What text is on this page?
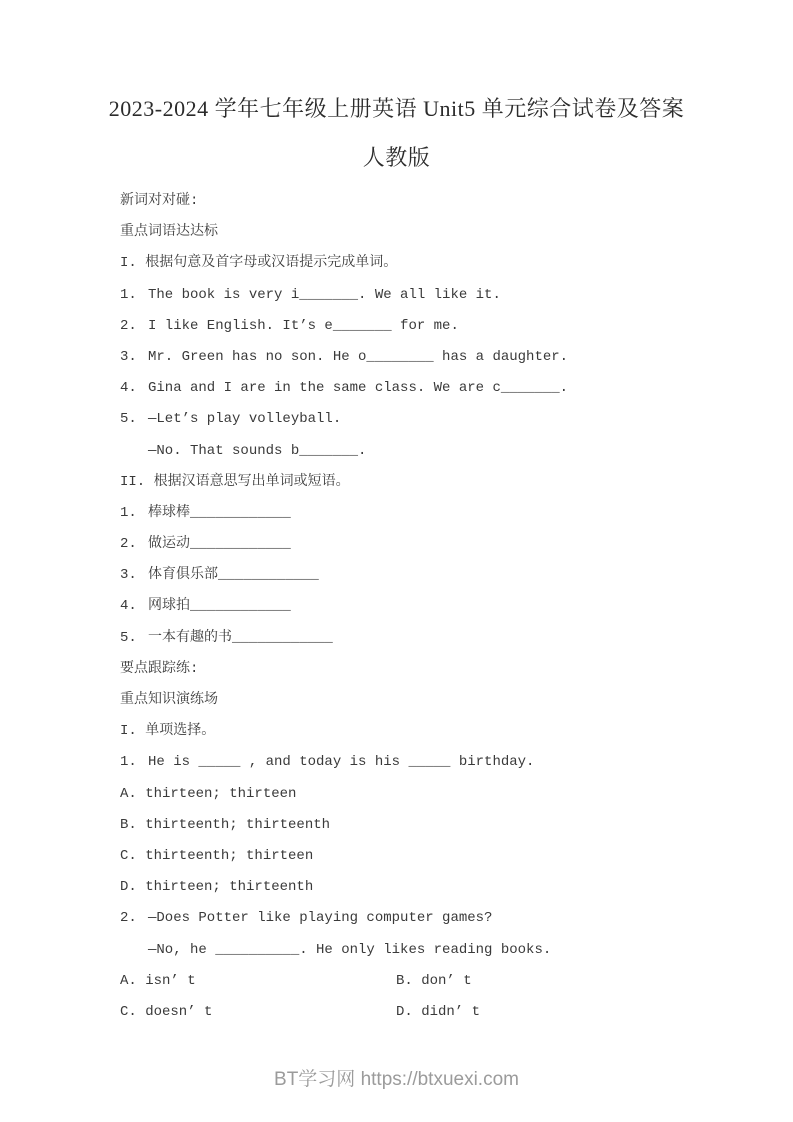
2023-2024 学年七年级上册英语 Unit5 单元综合试卷及答案
人教版
新词对对碰:
重点词语达达标
I. 根据句意及首字母或汉语提示完成单词。
1. The book is very i_______. We all like it.
2. I like English. It’s e_______ for me.
3. Mr. Green has no son. He o________ has a daughter.
4. Gina and I are in the same class. We are c_______.
5. —Let’s play volleyball.
—No. That sounds b_______.
II. 根据汉语意思写出单词或短语。
1. 棒球棒____________
2. 做运动____________
3. 体育俱乐部____________
4. 网球拍____________
5. 一本有趣的书____________
要点跟踪练:
重点知识演练场
I. 单项选择。
1. He is _____ , and today is his _____ birthday.
A. thirteen; thirteen
B. thirteenth; thirteenth
C. thirteenth; thirteen
D. thirteen; thirteenth
2. —Does Potter like playing computer games?
—No, he __________. He only likes reading books.
A. isn’ t	B. don’ t
C. doesn’ t	D. didn’ t
BT学习网 https://btxuexi.com
